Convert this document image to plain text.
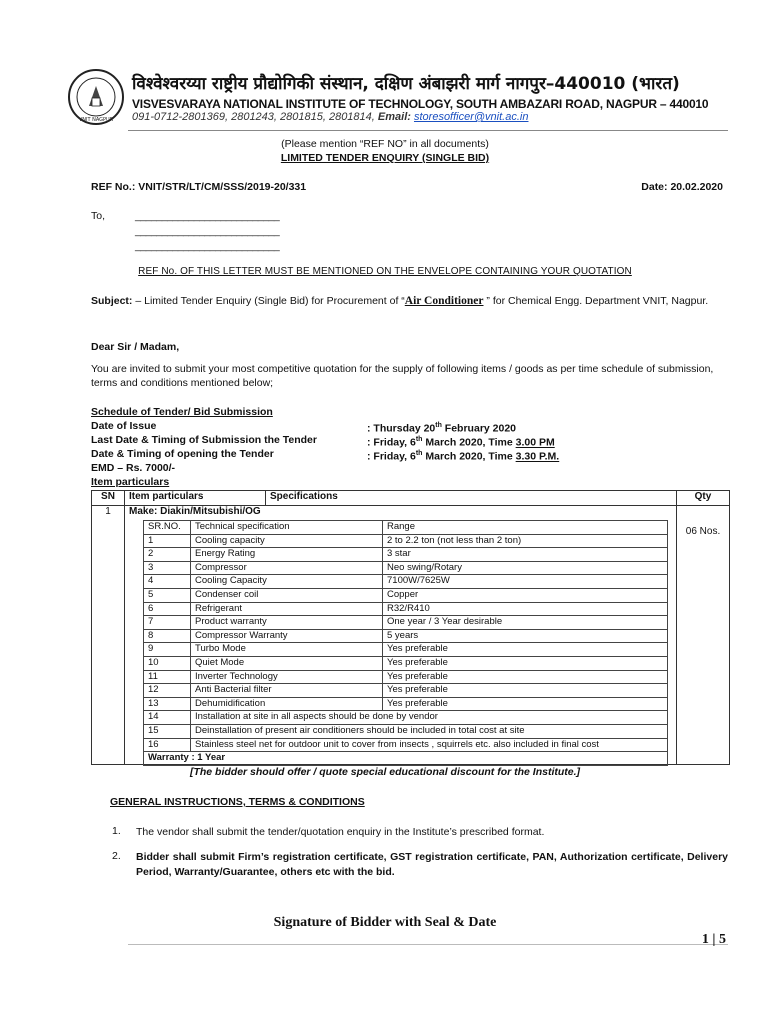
VNIT NAGPUR
विश्वेश्वरय्या राष्ट्रीय प्रौद्योगिकी संस्थान, दक्षिण अंबाझरी मार्ग नागपुर–440010 (भारत)
VISVESVARAYA NATIONAL INSTITUTE OF TECHNOLOGY, SOUTH AMBAZARI ROAD, NAGPUR – 440010
091-0712-2801369, 2801243, 2801815, 2801814, Email: storesofficer@vnit.ac.in
(Please mention “REF NO” in all documents)
LIMITED TENDER ENQUIRY (SINGLE BID)
REF No.: VNIT/STR/LT/CM/SSS/2019-20/331	Date: 20.02.2020
To,	___________________________
___________________________
___________________________
REF No. OF THIS LETTER MUST BE MENTIONED ON THE ENVELOPE CONTAINING YOUR QUOTATION
Subject: – Limited Tender Enquiry (Single Bid) for Procurement of “Air Conditioner ” for Chemical Engg. Department VNIT, Nagpur.
Dear Sir / Madam,
You are invited to submit your most competitive quotation for the supply of following items / goods as per time schedule of submission, terms and conditions mentioned below;
Schedule of Tender/ Bid Submission
Date of Issue	: Thursday 20th February 2020
Last Date & Timing of Submission the Tender	: Friday, 6th March 2020, Time 3.00 PM
Date & Timing of opening the Tender	: Friday, 6th March 2020, Time 3.30 P.M.
EMD – Rs. 7000/-
Item particulars
SN	Item particulars	Specifications	Qty
1	Make: Diakin/Mitsubishi/OG		06 Nos.
SR.NO.	Technical specification	Range
1	Cooling capacity	2 to 2.2 ton (not less than 2 ton)
2	Energy Rating	3 star
3	Compressor	Neo swing/Rotary
4	Cooling Capacity	7100W/7625W
5	Condenser coil	Copper
6	Refrigerant	R32/R410
7	Product warranty	One year / 3 Year desirable
8	Compressor Warranty	5 years
9	Turbo Mode	Yes preferable
10	Quiet Mode	Yes preferable
11	Inverter Technology	Yes preferable
12	Anti Bacterial filter	Yes preferable
13	Dehumidification	Yes preferable
14	Installation at site in all aspects should be done by vendor	
15	Deinstallation of present air conditioners should be included in total cost at site	
16	Stainless steel net for outdoor unit to cover from insects , squirrels etc. also included in final cost	
Warranty : 1 Year		
[The bidder should offer / quote special educational discount for the Institute.]
GENERAL INSTRUCTIONS, TERMS & CONDITIONS
1. The vendor shall submit the tender/quotation enquiry in the Institute’s prescribed format.
2. Bidder shall submit Firm’s registration certificate, GST registration certificate, PAN, Authorization certificate, Delivery Period, Warranty/Guarantee, others etc with the bid.
Signature of Bidder with Seal & Date
1 | 5
